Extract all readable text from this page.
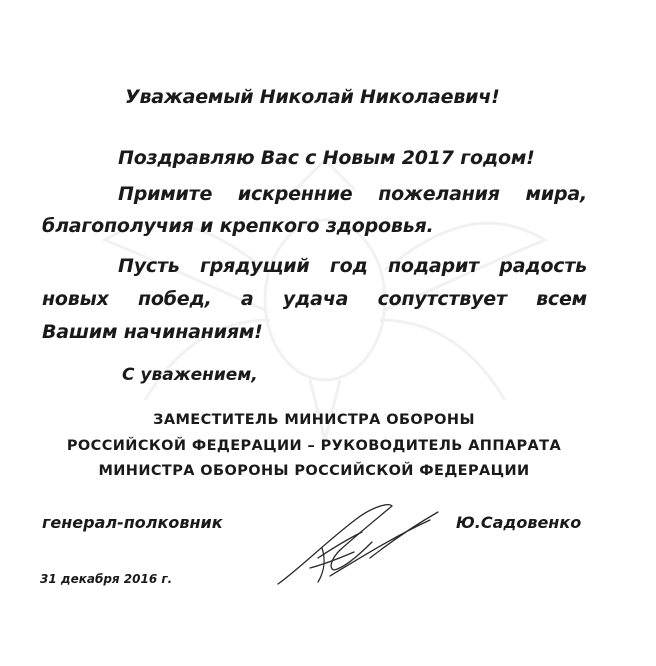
Уважаемый Николай Николаевич!
Поздравляю Вас с Новым 2017 годом!
Примите искренние пожелания мира,
благополучия и крепкого здоровья.
Пусть грядущий год подарит радость
новых побед, а удача сопутствует всем
Вашим начинаниям!
С уважением,
ЗАМЕСТИТЕЛЬ МИНИСТРА ОБОРОНЫ
РОССИЙСКОЙ ФЕДЕРАЦИИ – РУКОВОДИТЕЛЬ АППАРАТА
МИНИСТРА ОБОРОНЫ РОССИЙСКОЙ ФЕДЕРАЦИИ
генерал-полковник	Ю.Садовенко
31 декабря 2016 г.
